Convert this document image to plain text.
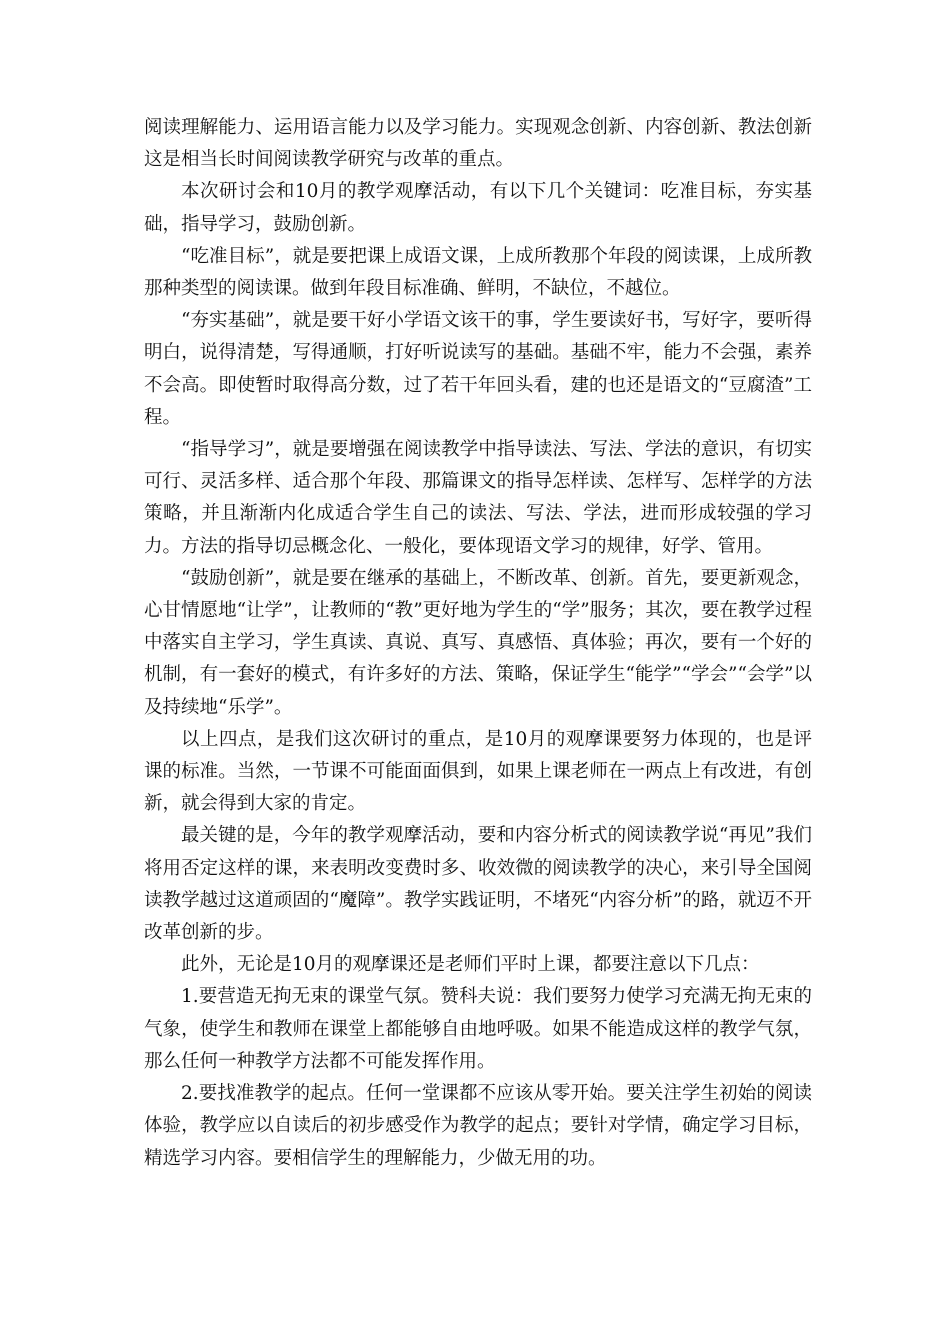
阅读理解能力、运用语言能力以及学习能力。实现观念创新、内容创新、教法创新这是相当长时间阅读教学研究与改革的重点。

本次研讨会和10月的教学观摩活动，有以下几个关键词：吃准目标，夯实基础，指导学习，鼓励创新。

“吃准目标”，就是要把课上成语文课，上成所教那个年段的阅读课，上成所教那种类型的阅读课。做到年段目标准确、鲜明，不缺位，不越位。

“夯实基础”，就是要干好小学语文该干的事，学生要读好书，写好字，要听得明白，说得清楚，写得通顺，打好听说读写的基础。基础不牢，能力不会强，素养不会高。即使暂时取得高分数，过了若干年回头看，建的也还是语文的“豆腐渣”工程。

“指导学习”，就是要增强在阅读教学中指导读法、写法、学法的意识，有切实可行、灵活多样、适合那个年段、那篇课文的指导怎样读、怎样写、怎样学的方法策略，并且渐渐内化成适合学生自己的读法、写法、学法，进而形成较强的学习力。方法的指导切忌概念化、一般化，要体现语文学习的规律，好学、管用。

“鼓励创新”，就是要在继承的基础上，不断改革、创新。首先，要更新观念，心甘情愿地“让学”，让教师的“教”更好地为学生的“学”服务；其次，要在教学过程中落实自主学习，学生真读、真说、真写、真感悟、真体验；再次，要有一个好的机制，有一套好的模式，有许多好的方法、策略，保证学生“能学”“学会”“会学”以及持续地“乐学”。

以上四点，是我们这次研讨的重点，是10月的观摩课要努力体现的，也是评课的标准。当然，一节课不可能面面俱到，如果上课老师在一两点上有改进，有创新，就会得到大家的肯定。

最关键的是，今年的教学观摩活动，要和内容分析式的阅读教学说“再见”我们将用否定这样的课，来表明改变费时多、收效微的阅读教学的决心，来引导全国阅读教学越过这道顽固的“魔障”。教学实践证明，不堵死“内容分析”的路，就迈不开改革创新的步。

此外，无论是10月的观摩课还是老师们平时上课，都要注意以下几点：

1.要营造无拘无束的课堂气氛。赞科夫说：我们要努力使学习充满无拘无束的气象，使学生和教师在课堂上都能够自由地呼吸。如果不能造成这样的教学气氛，那么任何一种教学方法都不可能发挥作用。

2.要找准教学的起点。任何一堂课都不应该从零开始。要关注学生初始的阅读体验，教学应以自读后的初步感受作为教学的起点；要针对学情，确定学习目标，精选学习内容。要相信学生的理解能力，少做无用的功。
